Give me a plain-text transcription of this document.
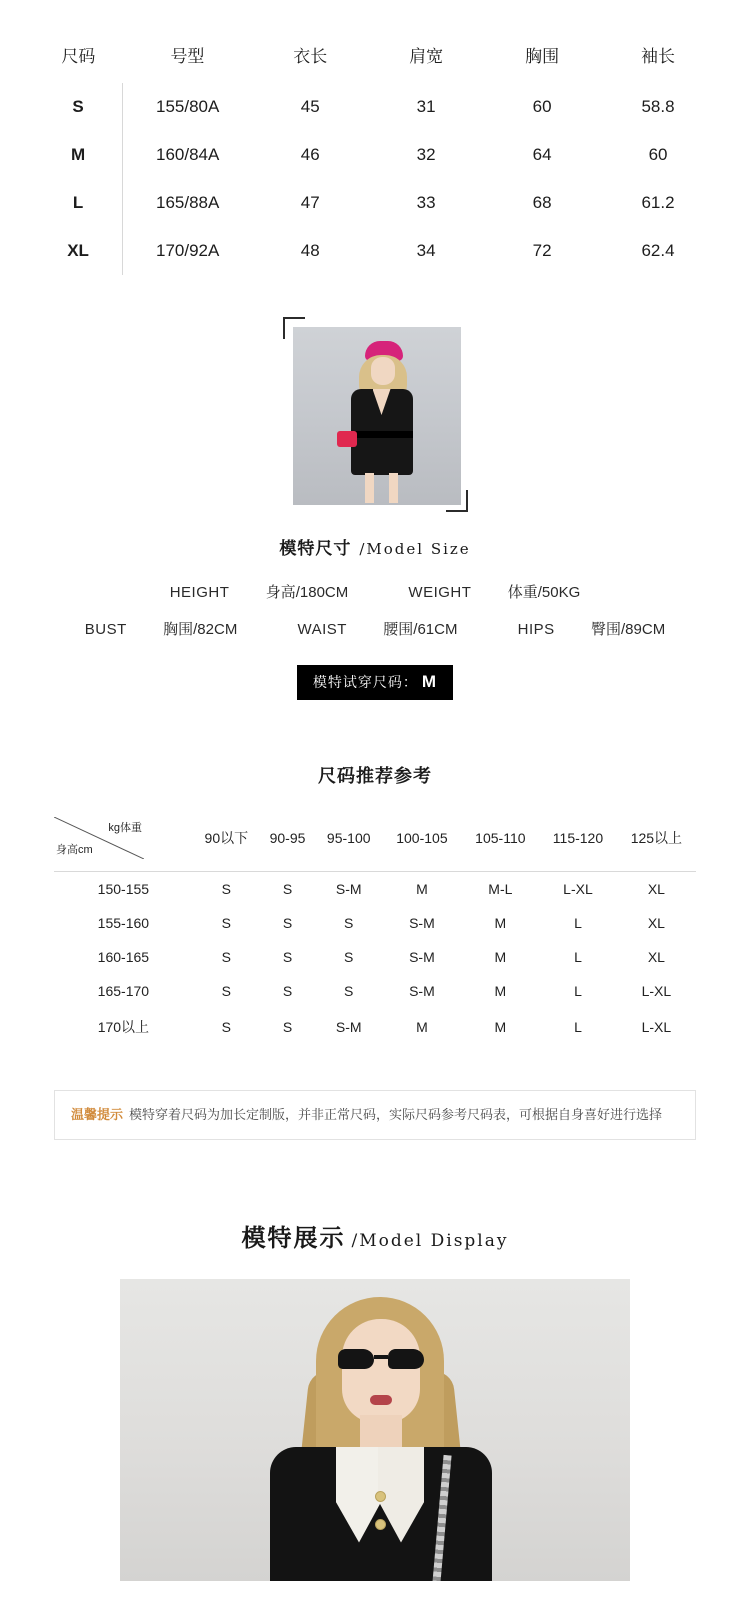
尺码	号型	衣长	肩宽	胸围	袖长
S	155/80A	45	31	60	58.8
M	160/84A	46	32	64	60
L	165/88A	47	33	68	61.2
XL	170/92A	48	34	72	62.4
模特尺寸 /Model Size
HEIGHT 身高/180CM	WEIGHT 体重/50KG
BUST 胸围/82CM	WAIST 腰围/61CM	HIPS 臀围/89CM
模特试穿尺码： M
尺码推荐参考
kg体重
身高cm	90以下	90-95	95-100	100-105	105-110	115-120	125以上
150-155	S	S	S-M	M	M-L	L-XL	XL
155-160	S	S	S	S-M	M	L	XL
160-165	S	S	S	S-M	M	L	XL
165-170	S	S	S	S-M	M	L	L-XL
170以上	S	S	S-M	M	M	L	L-XL
温馨提示 模特穿着尺码为加长定制版，并非正常尺码，实际尺码参考尺码表，可根据自身喜好进行选择
模特展示 /Model Display
